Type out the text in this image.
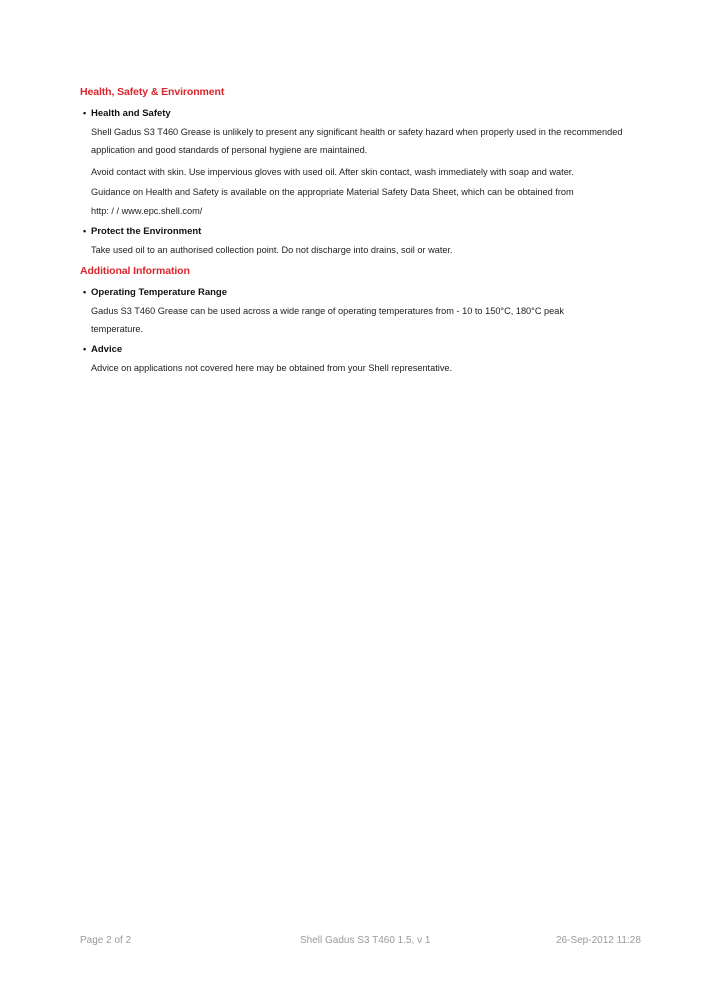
Health, Safety & Environment
• Health and Safety
Shell Gadus S3 T460 Grease is unlikely to present any significant health or safety hazard when properly used in the recommended
application and good standards of personal hygiene are maintained.
Avoid contact with skin. Use impervious gloves with used oil. After skin contact, wash immediately with soap and water.
Guidance on Health and Safety is available on the appropriate Material Safety Data Sheet, which can be obtained from
http: / / www.epc.shell.com/
• Protect the Environment
Take used oil to an authorised collection point. Do not discharge into drains, soil or water.
Additional Information
• Operating Temperature Range
Gadus S3 T460 Grease can be used across a wide range of operating temperatures from - 10 to 150°C, 180°C peak
temperature.
• Advice
Advice on applications not covered here may be obtained from your Shell representative.
Page 2 of 2	Shell Gadus S3 T460 1.5, v 1	26-Sep-2012 11:28
